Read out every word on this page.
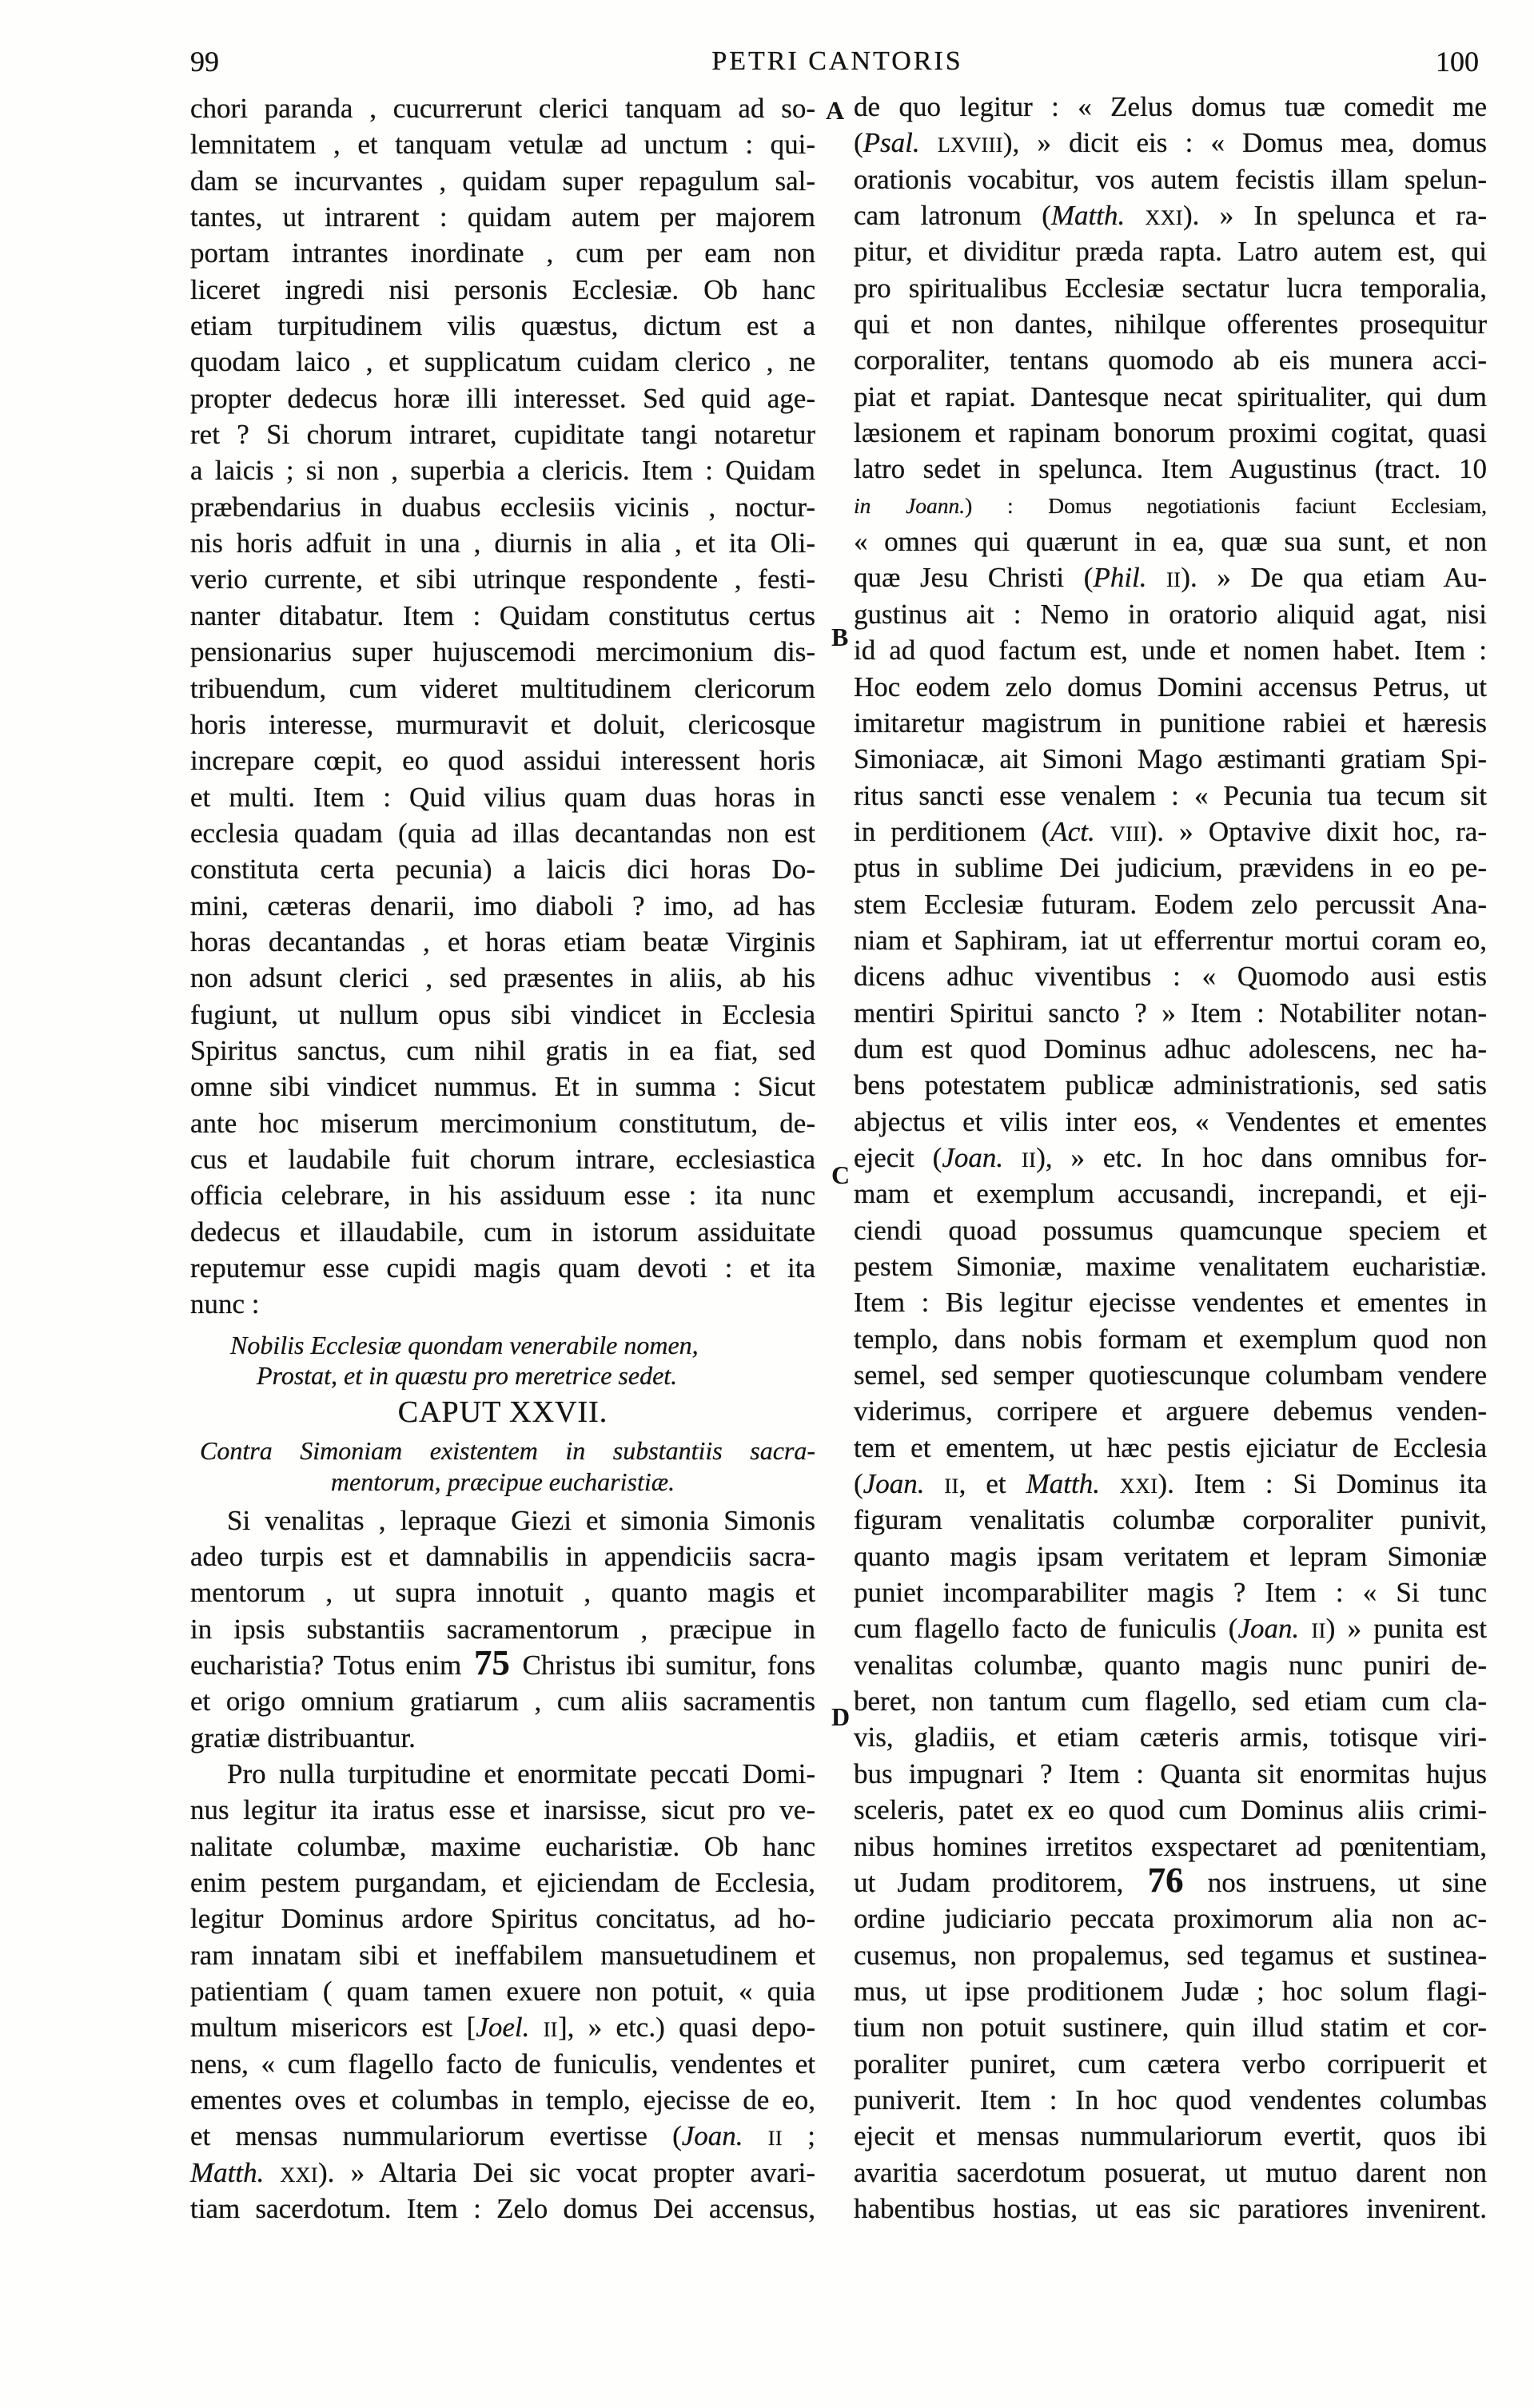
99	PETRI CANTORIS	100
A
B
C
D
chori paranda , cucurrerunt clerici tanquam ad so-
lemnitatem , et tanquam vetulæ ad unctum : qui-
dam se incurvantes , quidam super repagulum sal-
tantes, ut intrarent : quidam autem per majorem
portam intrantes inordinate , cum per eam non
liceret ingredi nisi personis Ecclesiæ. Ob hanc
etiam turpitudinem vilis quæstus, dictum est a
quodam laico , et supplicatum cuidam clerico , ne
propter dedecus horæ illi interesset. Sed quid age-
ret ? Si chorum intraret, cupiditate tangi notaretur
a laicis ; si non , superbia a clericis. Item : Quidam
præbendarius in duabus ecclesiis vicinis , noctur-
nis horis adfuit in una , diurnis in alia , et ita Oli-
verio currente, et sibi utrinque respondente , festi-
nanter ditabatur. Item : Quidam constitutus certus
pensionarius super hujuscemodi mercimonium dis-
tribuendum, cum videret multitudinem clericorum
horis interesse, murmuravit et doluit, clericosque
increpare cœpit, eo quod assidui interessent horis
et multi. Item : Quid vilius quam duas horas in
ecclesia quadam (quia ad illas decantandas non est
constituta certa pecunia) a laicis dici horas Do-
mini, cæteras denarii, imo diaboli ? imo, ad has
horas decantandas , et horas etiam beatæ Virginis
non adsunt clerici , sed præsentes in aliis, ab his
fugiunt, ut nullum opus sibi vindicet in Ecclesia
Spiritus sanctus, cum nihil gratis in ea fiat, sed
omne sibi vindicet nummus. Et in summa : Sicut
ante hoc miserum mercimonium constitutum, de-
cus et laudabile fuit chorum intrare, ecclesiastica
officia celebrare, in his assiduum esse : ita nunc
dedecus et illaudabile, cum in istorum assiduitate
reputemur esse cupidi magis quam devoti : et ita
nunc :
Nobilis Ecclesiæ quondam venerabile nomen,
Prostat, et in quæstu pro meretrice sedet.
CAPUT XXVII.
Contra Simoniam existentem in substantiis sacra-
mentorum, præcipue eucharistiæ.
Si venalitas , lepraque Giezi et simonia Simonis
adeo turpis est et damnabilis in appendiciis sacra-
mentorum , ut supra innotuit , quanto magis et
in ipsis substantiis sacramentorum , præcipue in
eucharistia? Totus enim 75 Christus ibi sumitur, fons
et origo omnium gratiarum , cum aliis sacramentis
gratiæ distribuantur.
Pro nulla turpitudine et enormitate peccati Domi-
nus legitur ita iratus esse et inarsisse, sicut pro ve-
nalitate columbæ, maxime eucharistiæ. Ob hanc
enim pestem purgandam, et ejiciendam de Ecclesia,
legitur Dominus ardore Spiritus concitatus, ad ho-
ram innatam sibi et ineffabilem mansuetudinem et
patientiam ( quam tamen exuere non potuit, « quia
multum misericors est [Joel. II], » etc.) quasi depo-
nens, « cum flagello facto de funiculis, vendentes et
ementes oves et columbas in templo, ejecisse de eo,
et mensas nummulariorum evertisse (Joan. II ;
Matth. XXI). » Altaria Dei sic vocat propter avari-
tiam sacerdotum. Item : Zelo domus Dei accensus,
de quo legitur : « Zelus domus tuæ comedit me
(Psal. LXVIII), » dicit eis : « Domus mea, domus
orationis vocabitur, vos autem fecistis illam spelun-
cam latronum (Matth. XXI). » In spelunca et ra-
pitur, et dividitur præda rapta. Latro autem est, qui
pro spiritualibus Ecclesiæ sectatur lucra temporalia,
qui et non dantes, nihilque offerentes prosequitur
corporaliter, tentans quomodo ab eis munera acci-
piat et rapiat. Dantesque necat spiritualiter, qui dum
læsionem et rapinam bonorum proximi cogitat, quasi
latro sedet in spelunca. Item Augustinus (tract. 10
in Joann.) : Domus negotiationis faciunt Ecclesiam,
« omnes qui quærunt in ea, quæ sua sunt, et non
quæ Jesu Christi (Phil. II). » De qua etiam Au-
gustinus ait : Nemo in oratorio aliquid agat, nisi
id ad quod factum est, unde et nomen habet. Item :
Hoc eodem zelo domus Domini accensus Petrus, ut
imitaretur magistrum in punitione rabiei et hæresis
Simoniacæ, ait Simoni Mago æstimanti gratiam Spi-
ritus sancti esse venalem : « Pecunia tua tecum sit
in perditionem (Act. VIII). » Optavive dixit hoc, ra-
ptus in sublime Dei judicium, prævidens in eo pe-
stem Ecclesiæ futuram. Eodem zelo percussit Ana-
niam et Saphiram, iat ut efferrentur mortui coram eo,
dicens adhuc viventibus : « Quomodo ausi estis
mentiri Spiritui sancto ? » Item : Notabiliter notan-
dum est quod Dominus adhuc adolescens, nec ha-
bens potestatem publicæ administrationis, sed satis
abjectus et vilis inter eos, « Vendentes et ementes
ejecit (Joan. II), » etc. In hoc dans omnibus for-
mam et exemplum accusandi, increpandi, et eji-
ciendi quoad possumus quamcunque speciem et
pestem Simoniæ, maxime venalitatem eucharistiæ.
Item : Bis legitur ejecisse vendentes et ementes in
templo, dans nobis formam et exemplum quod non
semel, sed semper quotiescunque columbam vendere
viderimus, corripere et arguere debemus venden-
tem et ementem, ut hæc pestis ejiciatur de Ecclesia
(Joan. II, et Matth. XXI). Item : Si Dominus ita
figuram venalitatis columbæ corporaliter punivit,
quanto magis ipsam veritatem et lepram Simoniæ
puniet incomparabiliter magis ? Item : « Si tunc
cum flagello facto de funiculis (Joan. II) » punita est
venalitas columbæ, quanto magis nunc puniri de-
beret, non tantum cum flagello, sed etiam cum cla-
vis, gladiis, et etiam cæteris armis, totisque viri-
bus impugnari ? Item : Quanta sit enormitas hujus
sceleris, patet ex eo quod cum Dominus aliis crimi-
nibus homines irretitos exspectaret ad pœnitentiam,
ut Judam proditorem, 76 nos instruens, ut sine
ordine judiciario peccata proximorum alia non ac-
cusemus, non propalemus, sed tegamus et sustinea-
mus, ut ipse proditionem Judæ ; hoc solum flagi-
tium non potuit sustinere, quin illud statim et cor-
poraliter puniret, cum cætera verbo corripuerit et
puniverit. Item : In hoc quod vendentes columbas
ejecit et mensas nummulariorum evertit, quos ibi
avaritia sacerdotum posuerat, ut mutuo darent non
habentibus hostias, ut eas sic paratiores invenirent.
